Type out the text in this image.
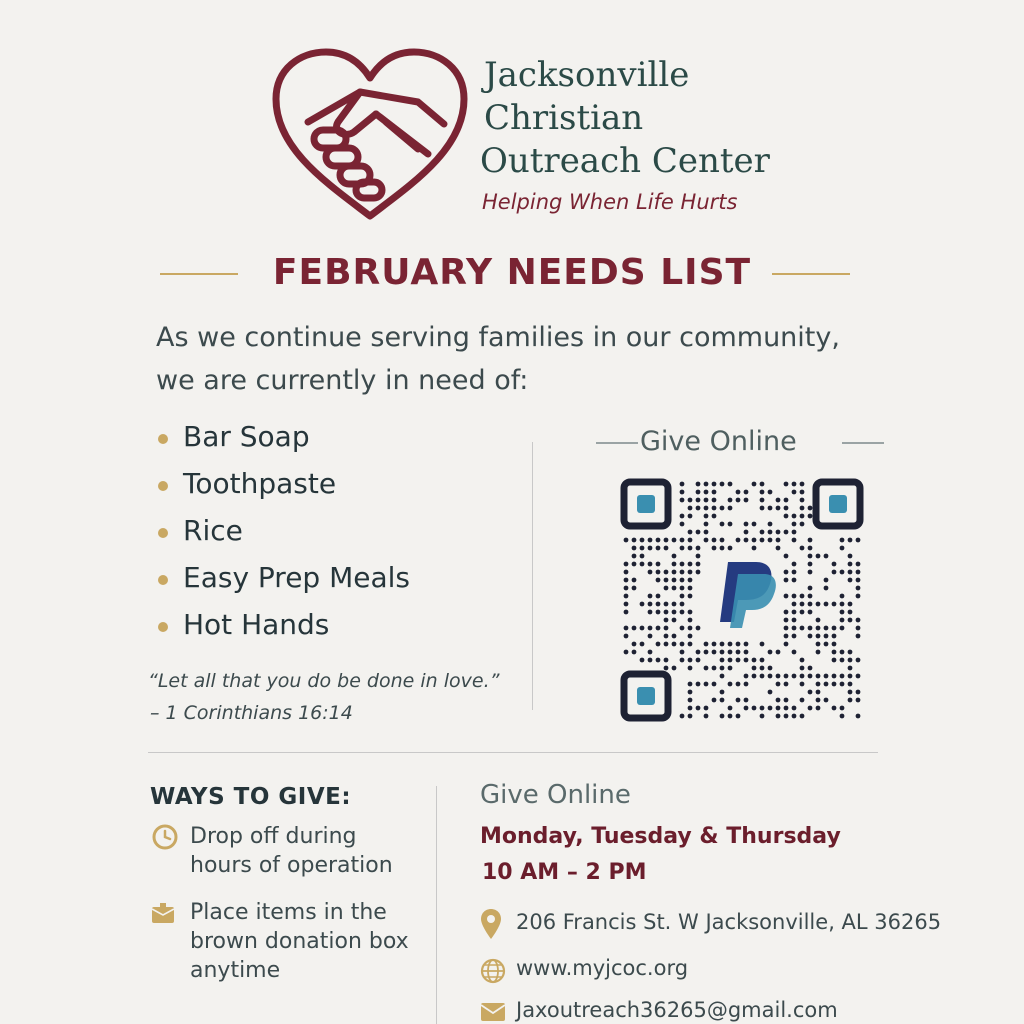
Jacksonville
Christian
Outreach Center
Helping When Life Hurts
FEBRUARY NEEDS LIST
As we continue serving families in our community,
we are currently in need of:
Bar Soap
Toothpaste
Rice
Easy Prep Meals
Hot Hands
“Let all that you do be done in love.”
– 1 Corinthians 16:14
Give Online
WAYS TO GIVE:
Drop off during
hours of operation
Place items in the
brown donation box
anytime
Give Online
Monday, Tuesday & Thursday
10 AM – 2 PM
206 Francis St. W Jacksonville, AL 36265
www.myjcoc.org
Jaxoutreach36265@gmail.com
